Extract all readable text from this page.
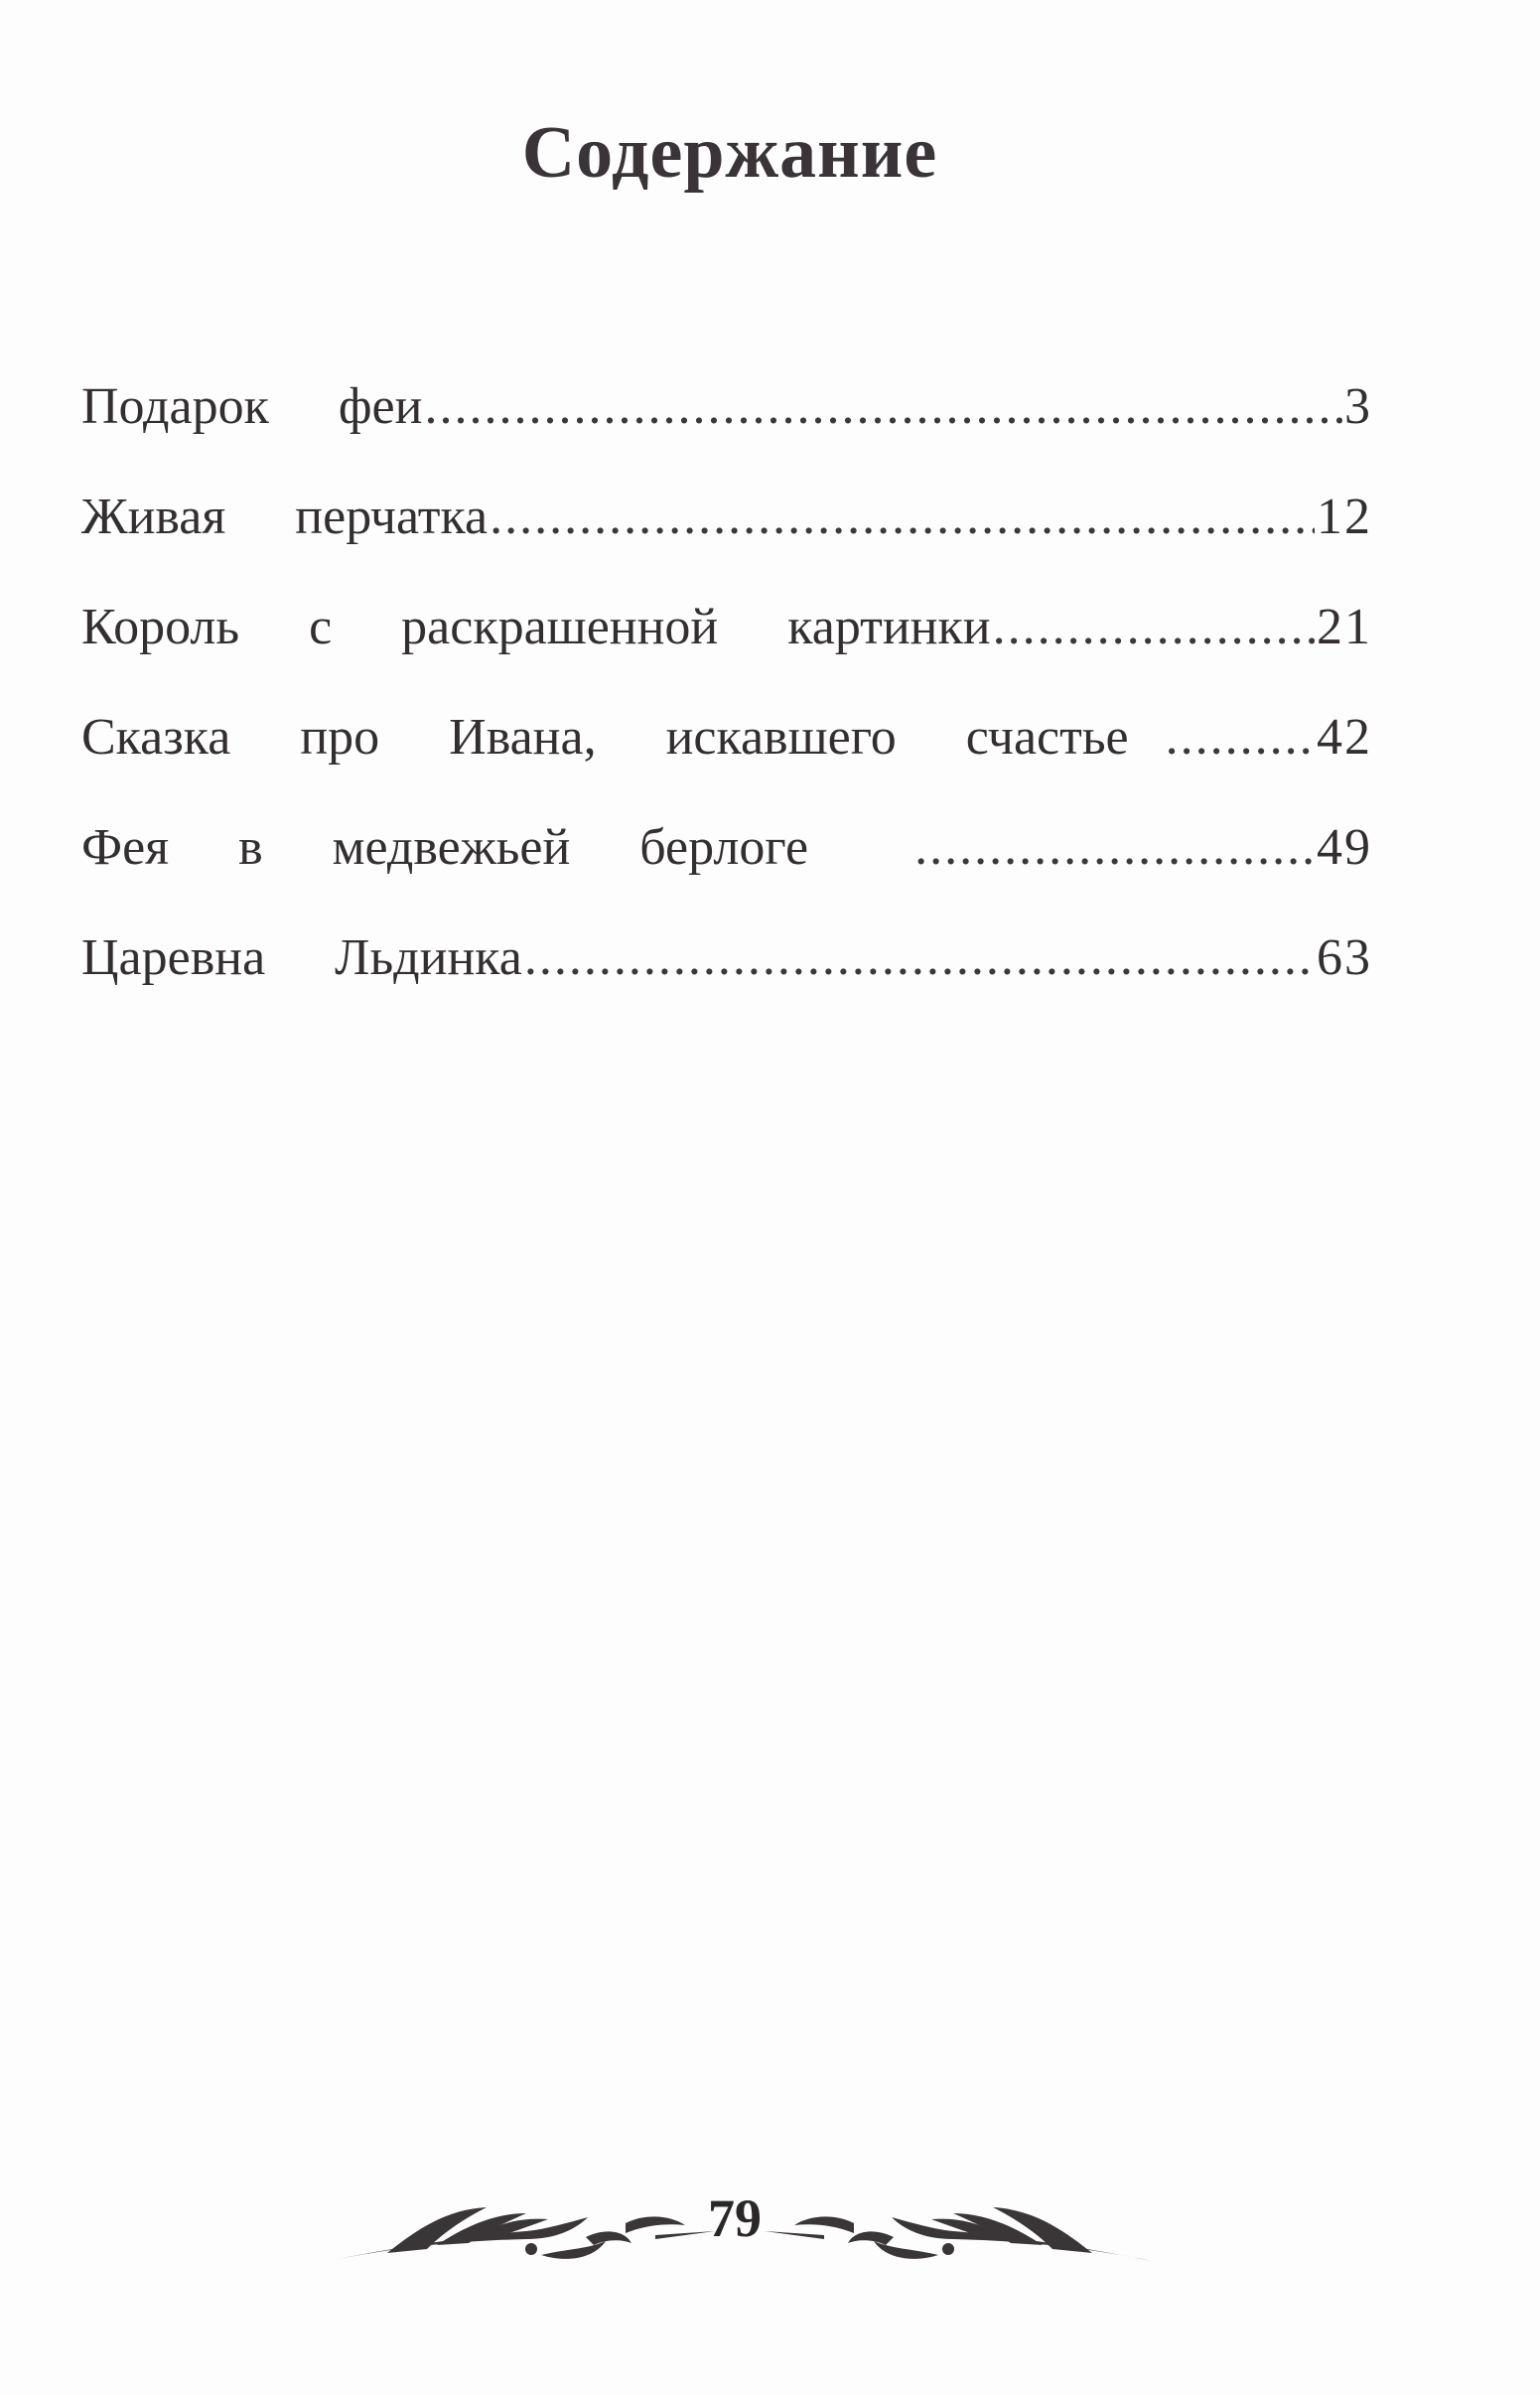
Содержание
Подарок  феи .....	3
Живая  перчатка .....	12
Король  с  раскрашенной  картинки .....	21
Сказка  про  Ивана,  искавшего  счастье .....	42
Фея  в  медвежьей  берлоге .....	49
Царевна  Льдинка .....	63
79
